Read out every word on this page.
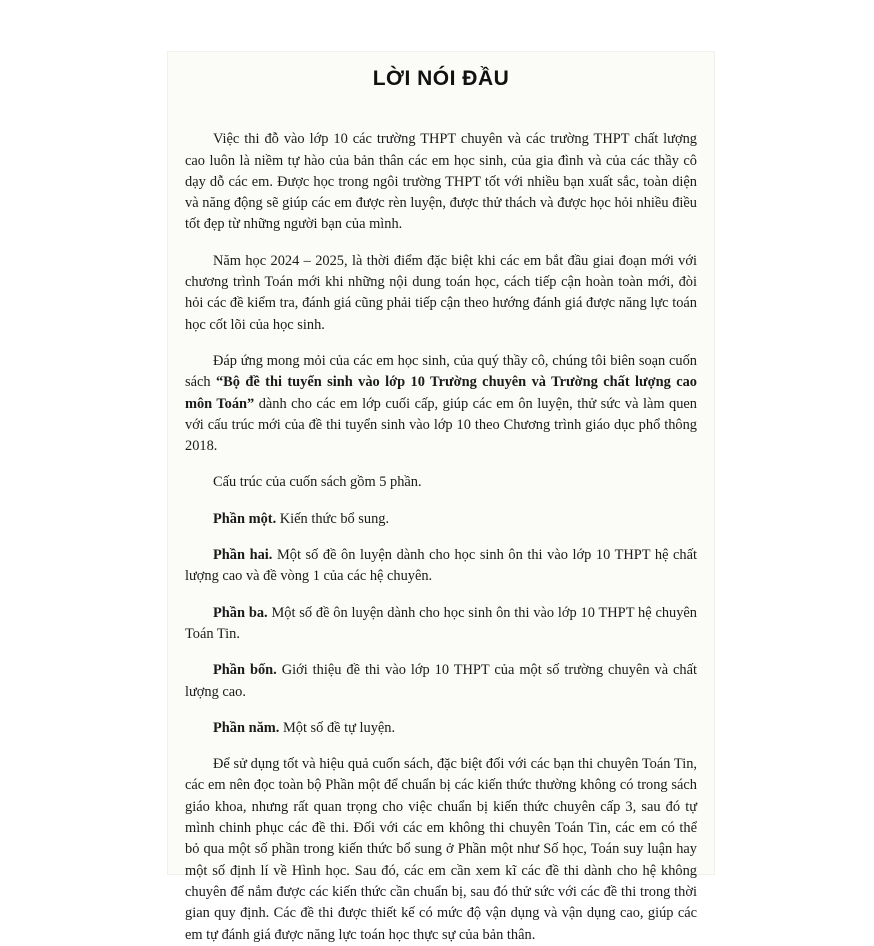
LỜI NÓI ĐẦU

Việc thi đỗ vào lớp 10 các trường THPT chuyên và các trường THPT chất lượng cao luôn là niềm tự hào của bản thân các em học sinh, của gia đình và của các thầy cô dạy dỗ các em. Được học trong ngôi trường THPT tốt với nhiều bạn xuất sắc, toàn diện và năng động sẽ giúp các em được rèn luyện, được thử thách và được học hỏi nhiều điều tốt đẹp từ những người bạn của mình.

Năm học 2024 – 2025, là thời điểm đặc biệt khi các em bắt đầu giai đoạn mới với chương trình Toán mới khi những nội dung toán học, cách tiếp cận hoàn toàn mới, đòi hỏi các đề kiểm tra, đánh giá cũng phải tiếp cận theo hướng đánh giá được năng lực toán học cốt lõi của học sinh.

Đáp ứng mong mỏi của các em học sinh, của quý thầy cô, chúng tôi biên soạn cuốn sách “Bộ đề thi tuyển sinh vào lớp 10 Trường chuyên và Trường chất lượng cao môn Toán” dành cho các em lớp cuối cấp, giúp các em ôn luyện, thử sức và làm quen với cấu trúc mới của đề thi tuyển sinh vào lớp 10 theo Chương trình giáo dục phổ thông 2018.

Cấu trúc của cuốn sách gồm 5 phần.

Phần một. Kiến thức bổ sung.

Phần hai. Một số đề ôn luyện dành cho học sinh ôn thi vào lớp 10 THPT hệ chất lượng cao và đề vòng 1 của các hệ chuyên.

Phần ba. Một số đề ôn luyện dành cho học sinh ôn thi vào lớp 10 THPT hệ chuyên Toán Tin.

Phần bốn. Giới thiệu đề thi vào lớp 10 THPT của một số trường chuyên và chất lượng cao.

Phần năm. Một số đề tự luyện.

Để sử dụng tốt và hiệu quả cuốn sách, đặc biệt đối với các bạn thi chuyên Toán Tin, các em nên đọc toàn bộ Phần một để chuẩn bị các kiến thức thường không có trong sách giáo khoa, nhưng rất quan trọng cho việc chuẩn bị kiến thức chuyên cấp 3, sau đó tự mình chinh phục các đề thi. Đối với các em không thi chuyên Toán Tin, các em có thể bỏ qua một số phần trong kiến thức bổ sung ở Phần một như Số học, Toán suy luận hay một số định lí về Hình học. Sau đó, các em cần xem kĩ các đề thi dành cho hệ không chuyên để nắm được các kiến thức cần chuẩn bị, sau đó thử sức với các đề thi trong thời gian quy định. Các đề thi được thiết kế có mức độ vận dụng và vận dụng cao, giúp các em tự đánh giá được năng lực toán học thực sự của bản thân.
